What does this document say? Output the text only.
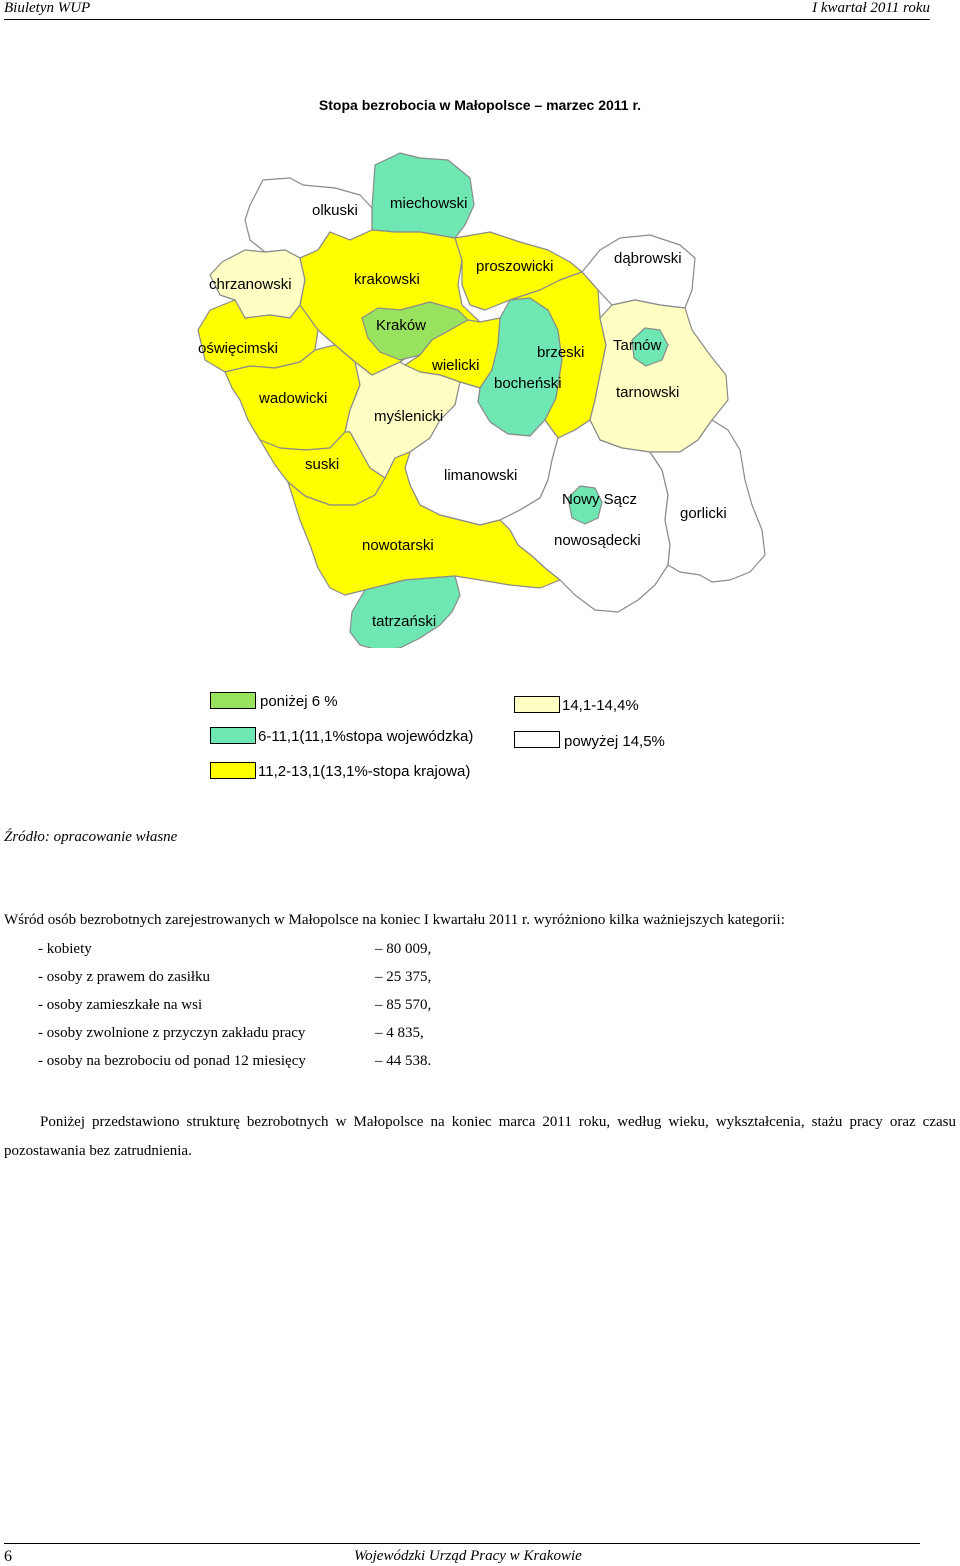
Biuletyn WUP	I kwartał 2011 roku
Stopa bezrobocia w Małopolsce – marzec 2011 r.
olkuski miechowski
chrzanowski	krakowski
proszowicki	dąbrowski
Kraków
oświęcimski
wielicki
brzeski Tarnów
bocheński
wadowicki
myślenicki
tarnowski
suski
limanowski
Nowy Sącz
gorlicki
nowotarski	nowosądecki
tatrzański
poniżej 6 %
6-11,1(11,1%stopa wojewódzka)
11,2-13,1(13,1%-stopa krajowa)
14,1-14,4%
powyżej 14,5%
Źródło: opracowanie własne
Wśród osób bezrobotnych zarejestrowanych w Małopolsce na koniec I kwartału 2011 r. wyróżniono kilka ważniejszych kategorii:
- kobiety	– 80 009,
- osoby z prawem do zasiłku	– 25 375,
- osoby zamieszkałe na wsi	– 85 570,
- osoby zwolnione z przyczyn zakładu pracy	– 4 835,
- osoby na bezrobociu od ponad 12 miesięcy	– 44 538.
Poniżej przedstawiono strukturę bezrobotnych w Małopolsce na koniec marca 2011 roku, według wieku, wykształcenia, stażu pracy oraz czasu pozostawania bez zatrudnienia.
6	Wojewódzki Urząd Pracy w Krakowie
